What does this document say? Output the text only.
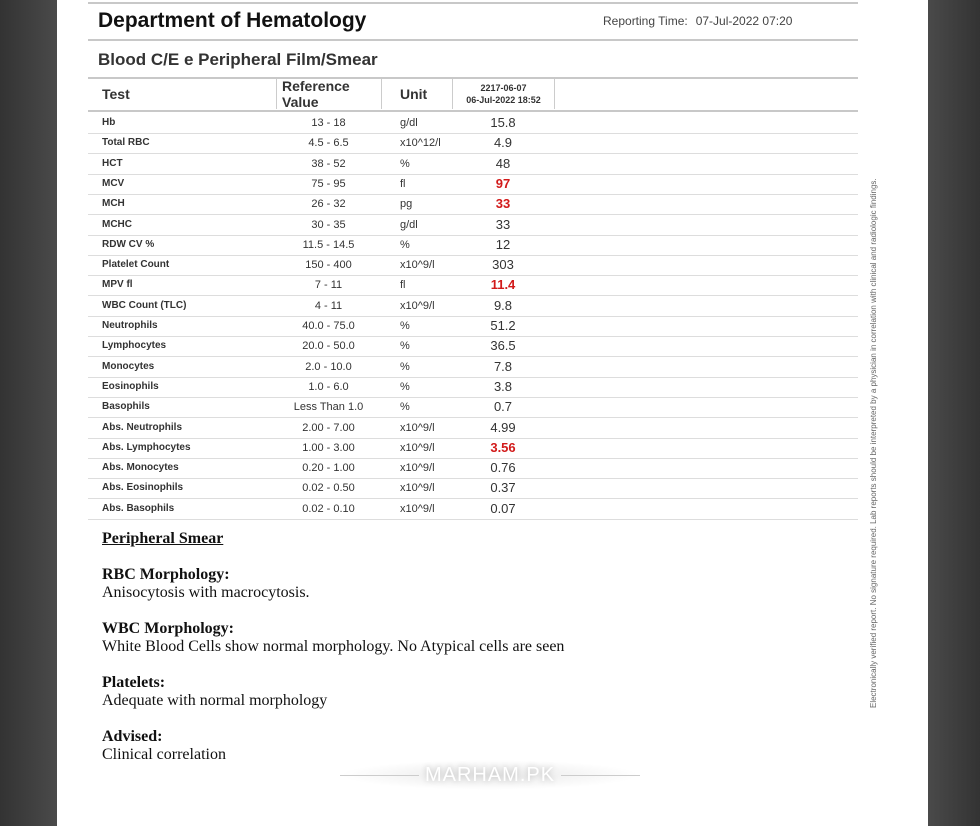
Department of Hematology	Reporting Time: 07-Jul-2022 07:20
Blood C/E e Peripheral Film/Smear
Test	Reference Value	Unit	2217-06-07
06-Jul-2022 18:52
Hb	13 - 18	g/dl	15.8
Total RBC	4.5 - 6.5	x10^12/l	4.9
HCT	38 - 52	%	48
MCV	75 - 95	fl	97
MCH	26 - 32	pg	33
MCHC	30 - 35	g/dl	33
RDW CV %	11.5 - 14.5	%	12
Platelet Count	150 - 400	x10^9/l	303
MPV fl	7 - 11	fl	11.4
WBC Count (TLC)	4 - 11	x10^9/l	9.8
Neutrophils	40.0 - 75.0	%	51.2
Lymphocytes	20.0 - 50.0	%	36.5
Monocytes	2.0 - 10.0	%	7.8
Eosinophils	1.0 - 6.0	%	3.8
Basophils	Less Than 1.0	%	0.7
Abs. Neutrophils	2.00 - 7.00	x10^9/l	4.99
Abs. Lymphocytes	1.00 - 3.00	x10^9/l	3.56
Abs. Monocytes	0.20 - 1.00	x10^9/l	0.76
Abs. Eosinophils	0.02 - 0.50	x10^9/l	0.37
Abs. Basophils	0.02 - 0.10	x10^9/l	0.07
Peripheral Smear
RBC Morphology:
Anisocytosis with macrocytosis.
WBC Morphology:
White Blood Cells show normal morphology. No Atypical cells are seen
Platelets:
Adequate with normal morphology
Advised:
Clinical correlation
Electronically verified report. No signature required. Lab reports should be interpreted by a physician in correlation with clinical and radiologic findings.
MARHAM.PK
